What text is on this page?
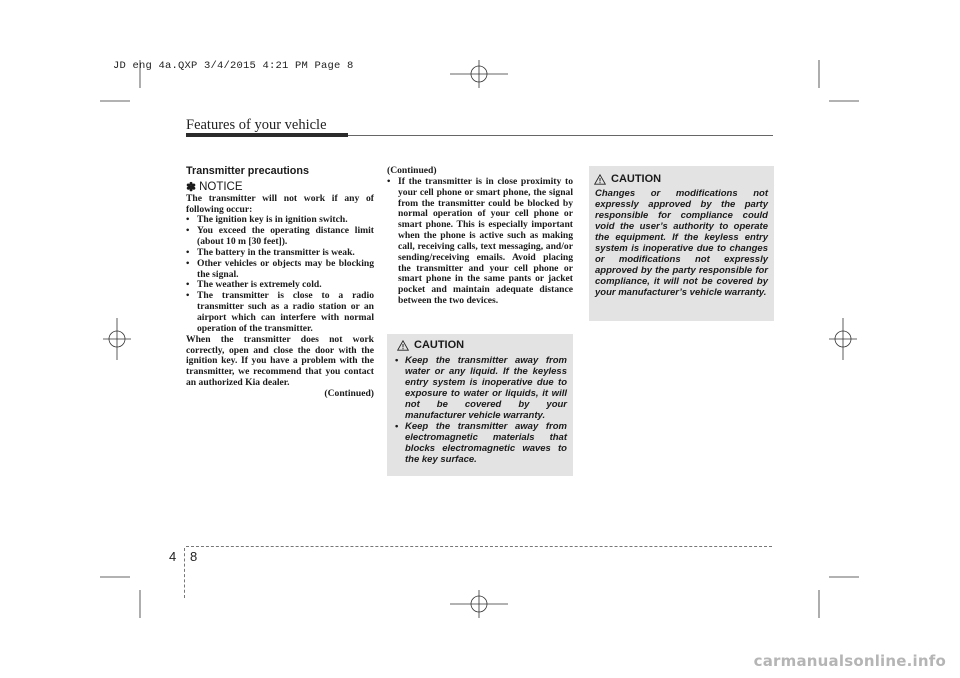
JD eng 4a.QXP 3/4/2015 4:21 PM Page 8
Features of your vehicle
Transmitter precautions
✽ NOTICE

The transmitter will not work if any of following occur:

• The ignition key is in ignition switch.
• You exceed the operating distance limit (about 10 m [30 feet]).
• The battery in the transmitter is weak.
• Other vehicles or objects may be blocking the signal.
• The weather is extremely cold.
• The transmitter is close to a radio transmitter such as a radio station or an airport which can interfere with normal operation of the transmitter.

When the transmitter does not work correctly, open and close the door with the ignition key. If you have a problem with the transmitter, we recommend that you contact an authorized Kia dealer.

(Continued)

(Continued)

• If the transmitter is in close proximity to your cell phone or smart phone, the signal from the transmitter could be blocked by normal operation of your cell phone or smart phone. This is especially important when the phone is active such as making call, receiving calls, text messaging, and/or sending/receiving emails. Avoid placing the transmitter and your cell phone or smart phone in the same pants or jacket pocket and maintain adequate distance between the two devices.
CAUTION
• Keep the transmitter away from water or any liquid. If the keyless entry system is inoperative due to exposure to water or liquids, it will not be covered by your manufacturer vehicle warranty.
• Keep the transmitter away from electromagnetic materials that blocks electromagnetic waves to the key surface.
CAUTION
Changes or modifications not expressly approved by the party responsible for compliance could void the user’s authority to operate the equipment. If the keyless entry system is inoperative due to changes or modifications not expressly approved by the party responsible for compliance, it will not be covered by your manufacturer’s vehicle warranty.
4 8
carmanualsonline.info
